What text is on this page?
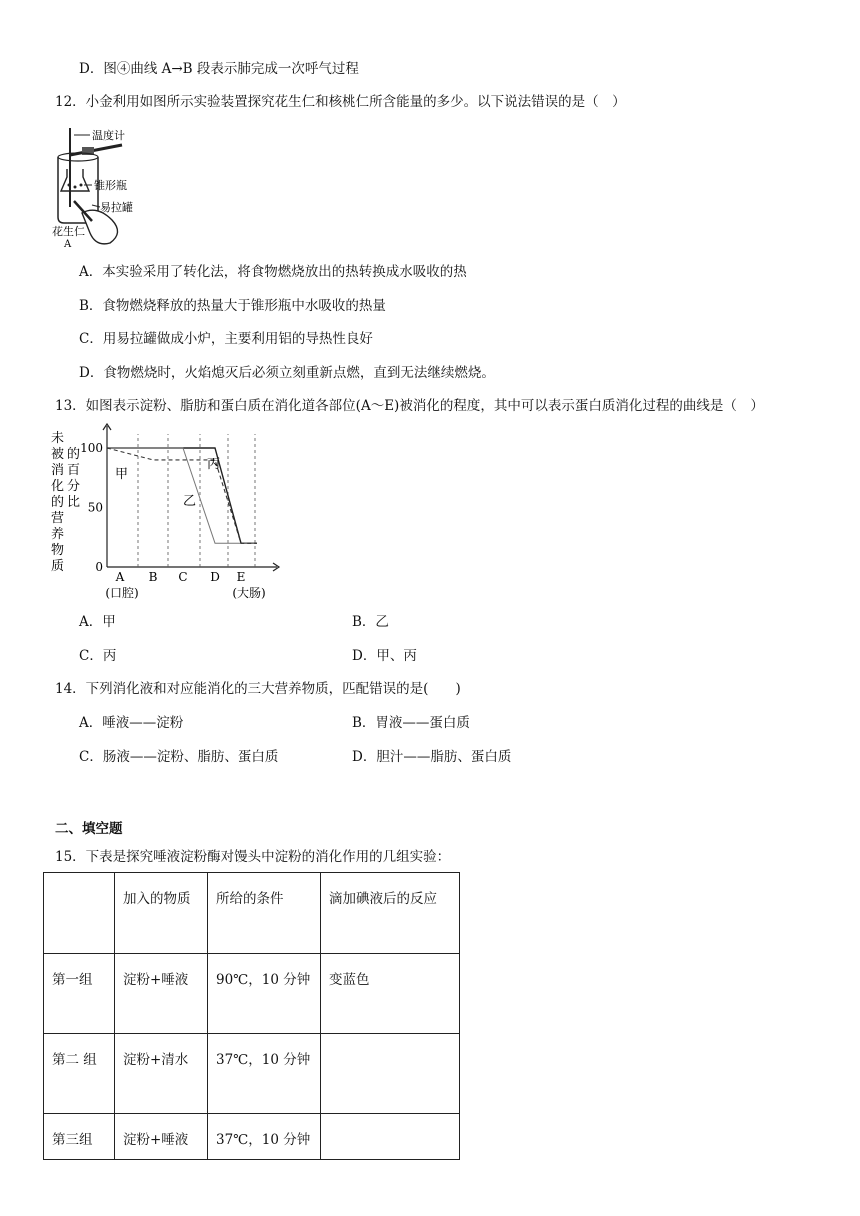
D．图④曲线 A→B 段表示肺完成一次呼气过程
12．小金利用如图所示实验装置探究花生仁和核桃仁所含能量的多少。以下说法错误的是（　）
温度计
锥形瓶
易拉罐
花生仁
A
A．本实验采用了转化法，将食物燃烧放出的热转换成水吸收的热
B．食物燃烧释放的热量大于锥形瓶中水吸收的热量
C．用易拉罐做成小炉，主要利用铝的导热性良好
D．食物燃烧时，火焰熄灭后必须立刻重新点燃，直到无法继续燃烧。
13．如图表示淀粉、脂肪和蛋白质在消化道各部位(A～E)被消化的程度，其中可以表示蛋白质消化过程的曲线是（　）
未
被
消
化
的
营
养
物
质
的
百
分
比
甲
乙
丙
0
50
100
A
(口腔)
B C D E
(大肠)
A．甲	B．乙
C．丙	D．甲、丙
14．下列消化液和对应能消化的三大营养物质，匹配错误的是(　　)
A．唾液——淀粉	B．胃液——蛋白质
C．肠液——淀粉、脂肪、蛋白质	D．胆汁——脂肪、蛋白质
二、填空题
15．下表是探究唾液淀粉酶对馒头中淀粉的消化作用的几组实验：
	加入的物质	所给的条件	滴加碘液后的反应
第一组	淀粉+唾液	90℃，10 分钟	变蓝色
第二 组	淀粉+清水	37℃，10 分钟	
第三组	淀粉+唾液	37℃，10 分钟	
